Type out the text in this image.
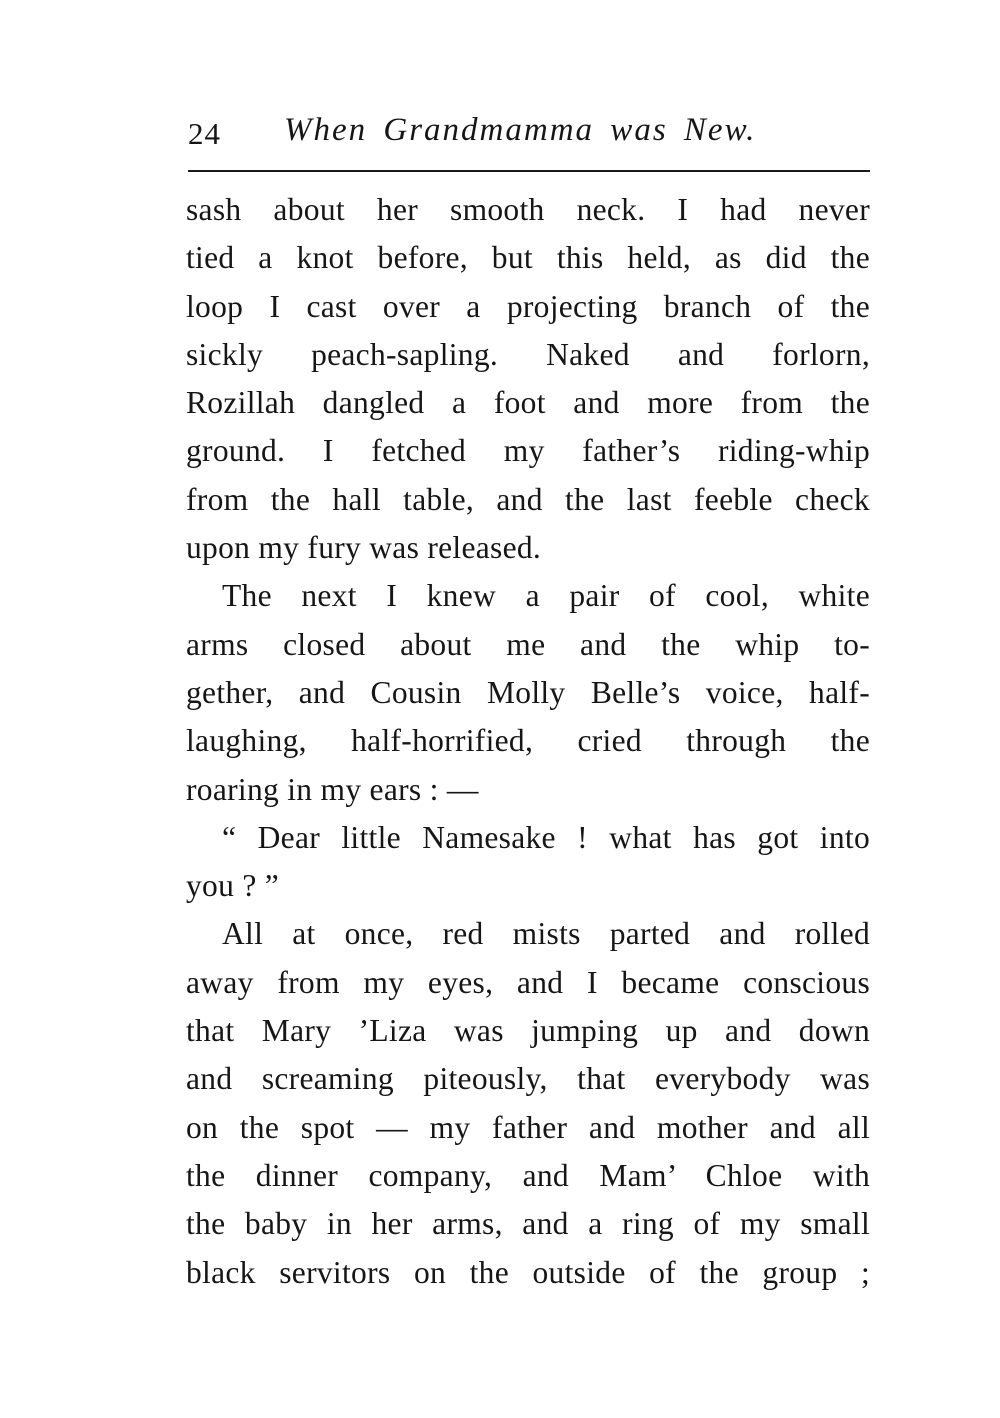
24 When Grandmamma was New.
sash about her smooth neck. I had never
tied a knot before, but this held, as did the
loop I cast over a projecting branch of the
sickly peach-sapling. Naked and forlorn,
Rozillah dangled a foot and more from the
ground. I fetched my father’s riding-whip
from the hall table, and the last feeble check
upon my fury was released.
The next I knew a pair of cool, white
arms closed about me and the whip to-
gether, and Cousin Molly Belle’s voice, half-
laughing, half-horrified, cried through the
roaring in my ears : —
“ Dear little Namesake ! what has got into
you ? ”
All at once, red mists parted and rolled
away from my eyes, and I became conscious
that Mary ’Liza was jumping up and down
and screaming piteously, that everybody was
on the spot — my father and mother and all
the dinner company, and Mam’ Chloe with
the baby in her arms, and a ring of my small
black servitors on the outside of the group ;
